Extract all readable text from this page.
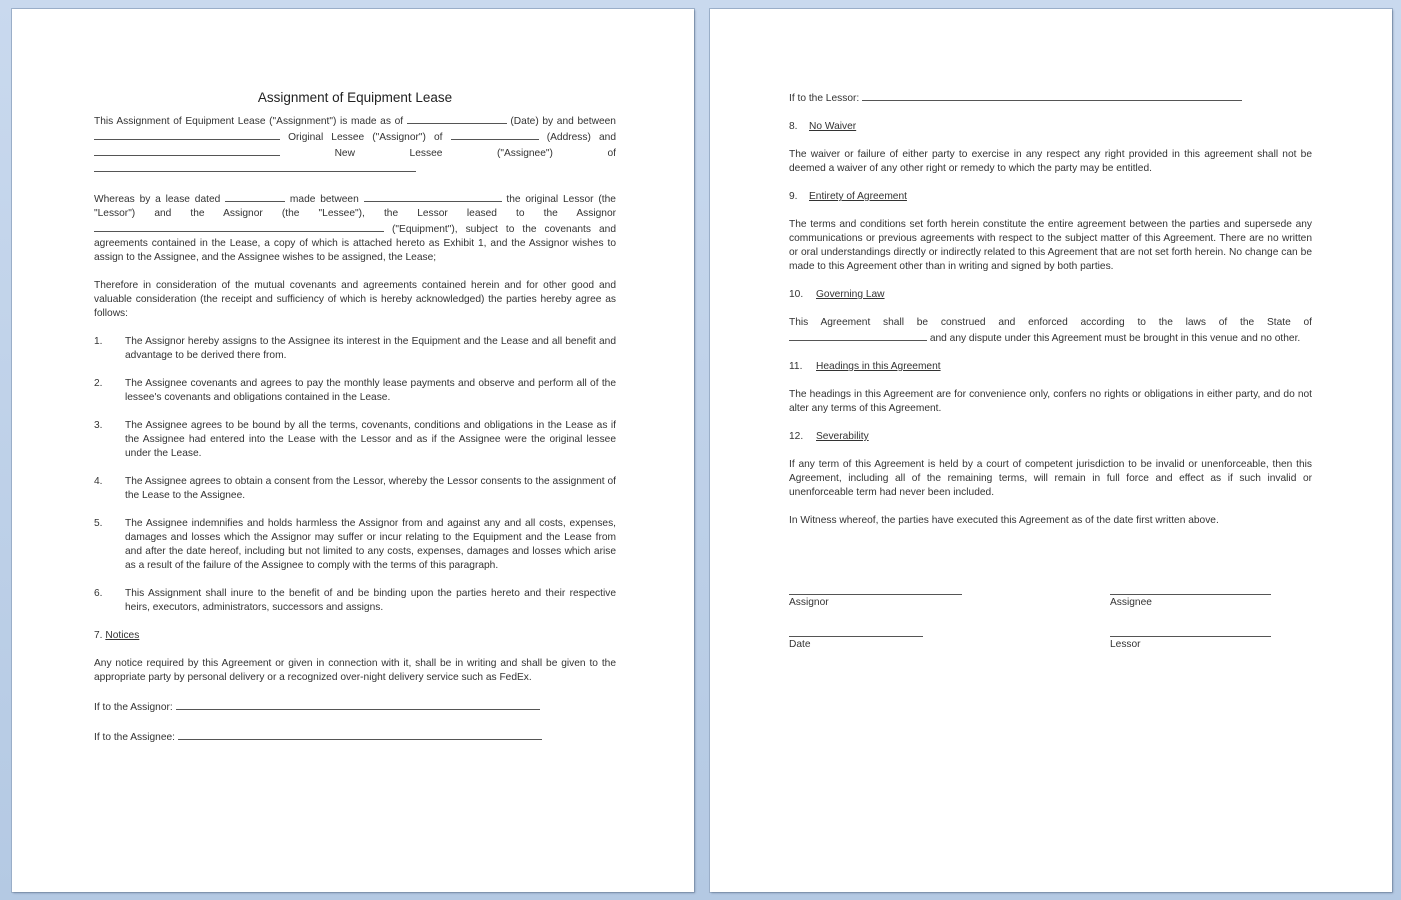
Assignment of Equipment Lease

This Assignment of Equipment Lease ("Assignment") is made as of	(Date) by and between  Original Lessee ("Assignor") of	(Address) and  New	Lessee ("Assignee") of

Whereas by a lease dated	made between	the original Lessor (the "Lessor") and the Assignor (the "Lessee"), the Lessor leased to the Assignor  ("Equipment"), subject to the covenants and agreements contained in the Lease, a copy of which is attached hereto as Exhibit 1, and the Assignor wishes to assign to the Assignee, and the Assignee wishes to be assigned, the Lease;

Therefore in consideration of the mutual covenants and agreements contained herein and for other good and valuable consideration (the receipt and sufficiency of which is hereby acknowledged) the parties hereby agree as follows:

1.	The Assignor hereby assigns to the Assignee its interest in the Equipment and the Lease and all benefit and advantage to be derived there from.
2.	The Assignee covenants and agrees to pay the monthly lease payments and observe and perform all of the lessee's covenants and obligations contained in the Lease.
3.	The Assignee agrees to be bound by all the terms, covenants, conditions and obligations in the Lease as if the Assignee had entered into the Lease with the Lessor and as if the Assignee were the original lessee under the Lease.
4.	The Assignee agrees to obtain a consent from the Lessor, whereby the Lessor consents to the assignment of the Lease to the Assignee.
5.	The Assignee indemnifies and holds harmless the Assignor from and against any and all costs, expenses, damages and losses which the Assignor may suffer or incur relating to the Equipment and the Lease from and after the date hereof, including but not limited to any costs, expenses, damages and losses which arise as a result of the failure of the Assignee to comply with the terms of this paragraph.
6.	This Assignment shall inure to the benefit of and be binding upon the parties hereto and their respective heirs, executors, administrators, successors and assigns.

7. Notices

Any notice required by this Agreement or given in connection with it, shall be in writing and shall be given to the appropriate party by personal delivery or a recognized over-night delivery service such as FedEx.

If to the Assignor:

If to the Assignee:

If to the Lessor:

8. No Waiver

The waiver or failure of either party to exercise in any respect any right provided in this agreement shall not be deemed a waiver of any other right or remedy to which the party may be entitled.

9. Entirety of Agreement

The terms and conditions set forth herein constitute the entire agreement between the parties and supersede any communications or previous agreements with respect to the subject matter of this Agreement. There are no written or oral understandings directly or indirectly related to this Agreement that are not set forth herein. No change can be made to this Agreement other than in writing and signed by both parties.

10. Governing Law

This Agreement shall be construed and enforced according to the laws of the State of  and any dispute under this Agreement must be brought in this venue and no other.

11. Headings in this Agreement

The headings in this Agreement are for convenience only, confers no rights or obligations in either party, and do not alter any terms of this Agreement.

12. Severability

If any term of this Agreement is held by a court of competent jurisdiction to be invalid or unenforceable, then this Agreement, including all of the remaining terms, will remain in full force and effect as if such invalid or unenforceable term had never been included.

In Witness whereof, the parties have executed this Agreement as of the date first written above.

Assignor	Assignee
Date	Lessor
